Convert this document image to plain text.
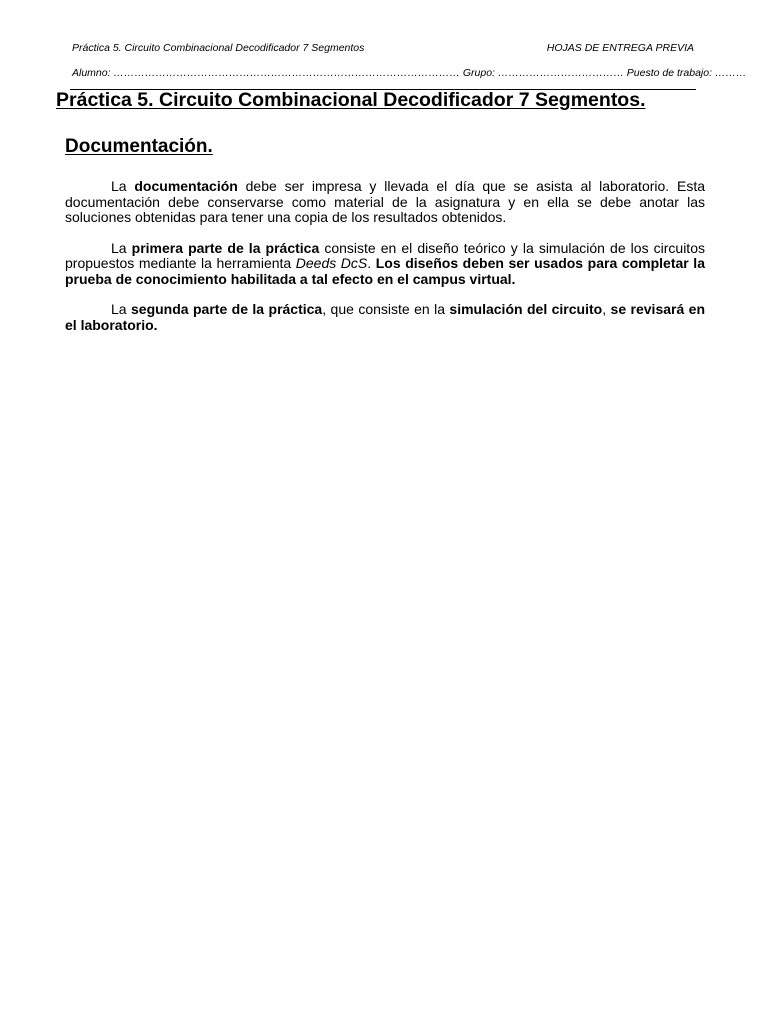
Práctica 5. Circuito Combinacional Decodificador 7 Segmentos	HOJAS DE ENTREGA PREVIA
Alumno: ……………………………………………………………………………………… Grupo: ……………………………… Puesto de trabajo: ………
Práctica 5. Circuito Combinacional Decodificador 7 Segmentos.
Documentación.

La documentación debe ser impresa y llevada el día que se asista al laboratorio. Esta documentación debe conservarse como material de la asignatura y en ella se debe anotar las soluciones obtenidas para tener una copia de los resultados obtenidos.

La primera parte de la práctica consiste en el diseño teórico y la simulación de los circuitos propuestos mediante la herramienta Deeds DcS. Los diseños deben ser usados para completar la prueba de conocimiento habilitada a tal efecto en el campus virtual.

La segunda parte de la práctica, que consiste en la simulación del circuito, se revisará en el laboratorio.
